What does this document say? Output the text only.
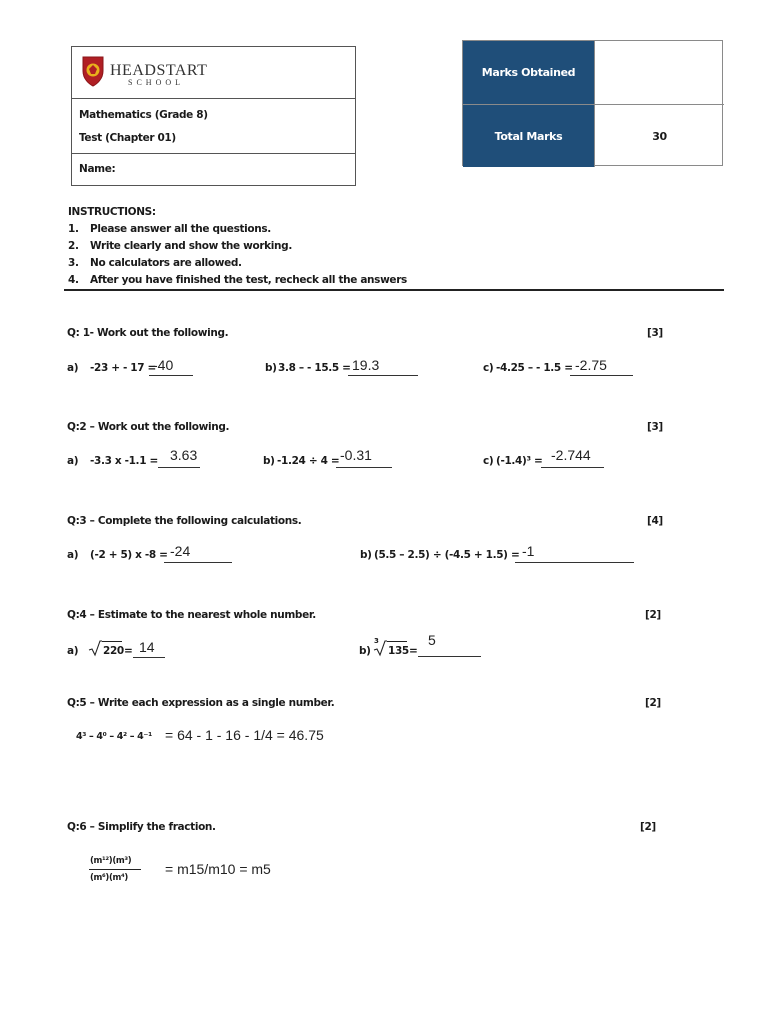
HEADSTART
SCHOOL
Mathematics (Grade 8)
Test (Chapter 01)
Name:
Marks Obtained
Total Marks	30
INSTRUCTIONS:
1. Please answer all the questions.
2. Write clearly and show the working.
3. No calculators are allowed.
4. After you have finished the test, recheck all the answers
Q: 1- Work out the following.	[3]
a) -23 + - 17 =
-40	b) 3.8 – - 15.5 = 19.3	c) -4.25 – - 1.5 = -2.75
Q:2 – Work out the following.	[3]
a) -3.3 x -1.1 = 3.63	b) -1.24 ÷ 4 = -0.31	c) (-1.4)³ = -2.744
Q:3 – Complete the following calculations.	[4]
a) (-2 + 5) x -8 = -24	b) (5.5 – 2.5) ÷ (-4.5 + 1.5) = -1
Q:4 – Estimate to the nearest whole number.	[2]
a) 220 = 14	b)
3
135 =
5
Q:5 – Write each expression as a single number.	[2]
4³ – 4⁰ – 4² – 4⁻¹ = 64 - 1 - 16 - 1/4 = 46.75
Q:6 – Simplify the fraction.	[2]
(m¹²)(m³)
(m⁶)(m⁴)
= m15/m10 = m5
